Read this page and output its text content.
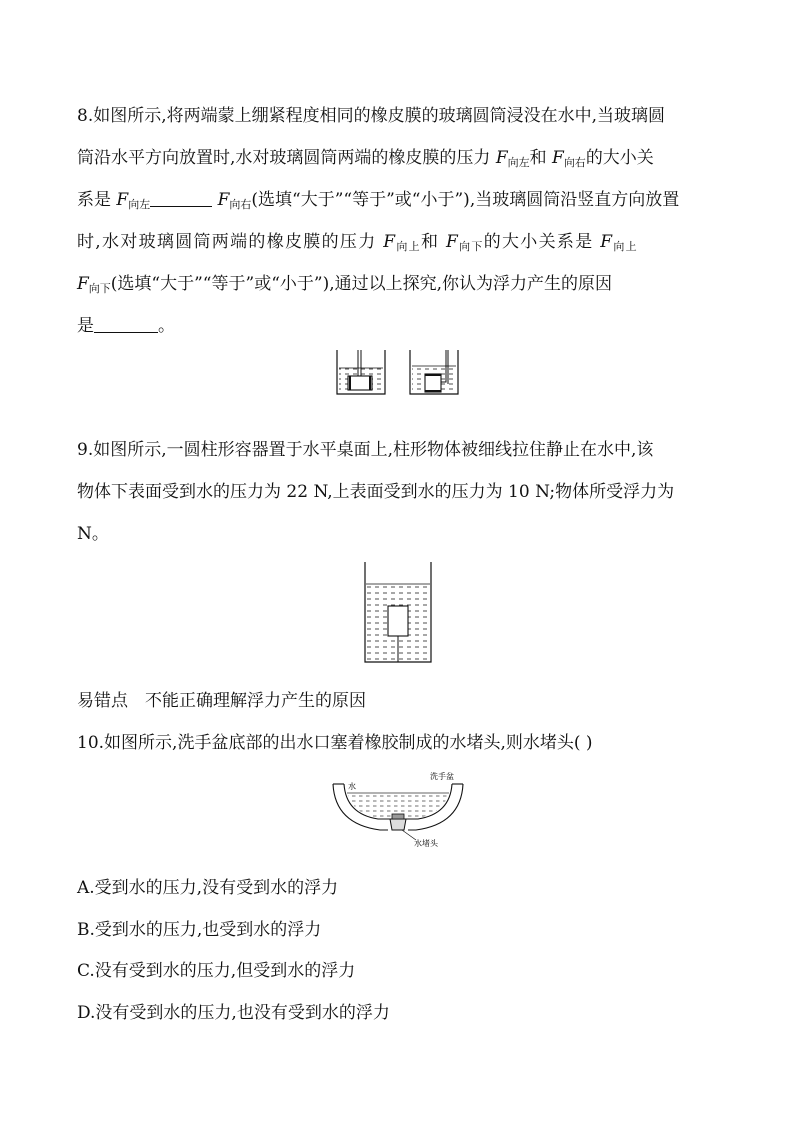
8.如图所示,将两端蒙上绷紧程度相同的橡皮膜的玻璃圆筒浸没在水中,当玻璃圆
筒沿水平方向放置时,水对玻璃圆筒两端的橡皮膜的压力 $F_{向左}$和 $F_{向右}$的大小关
系是 $F_{向左}$	$F_{向右}$(选填“大于”“等于”或“小于”),当玻璃圆筒沿竖直方向放置
时,水对玻璃圆筒两端的橡皮膜的压力 $F_{向上}$和 $F_{向下}$的大小关系是 $F_{向上}$
$F_{向下}$(选填“大于”“等于”或“小于”),通过以上探究,你认为浮力产生的原因
是	。
9.如图所示,一圆柱形容器置于水平桌面上,柱形物体被细线拉住静止在水中,该
物体下表面受到水的压力为 22 N,上表面受到水的压力为 10 N;物体所受浮力为
N。
易错点　不能正确理解浮力产生的原因
10.如图所示,洗手盆底部的出水口塞着橡胶制成的水堵头,则水堵头( )
水
洗手盆
水堵头
A.受到水的压力,没有受到水的浮力
B.受到水的压力,也受到水的浮力
C.没有受到水的压力,但受到水的浮力
D.没有受到水的压力,也没有受到水的浮力
